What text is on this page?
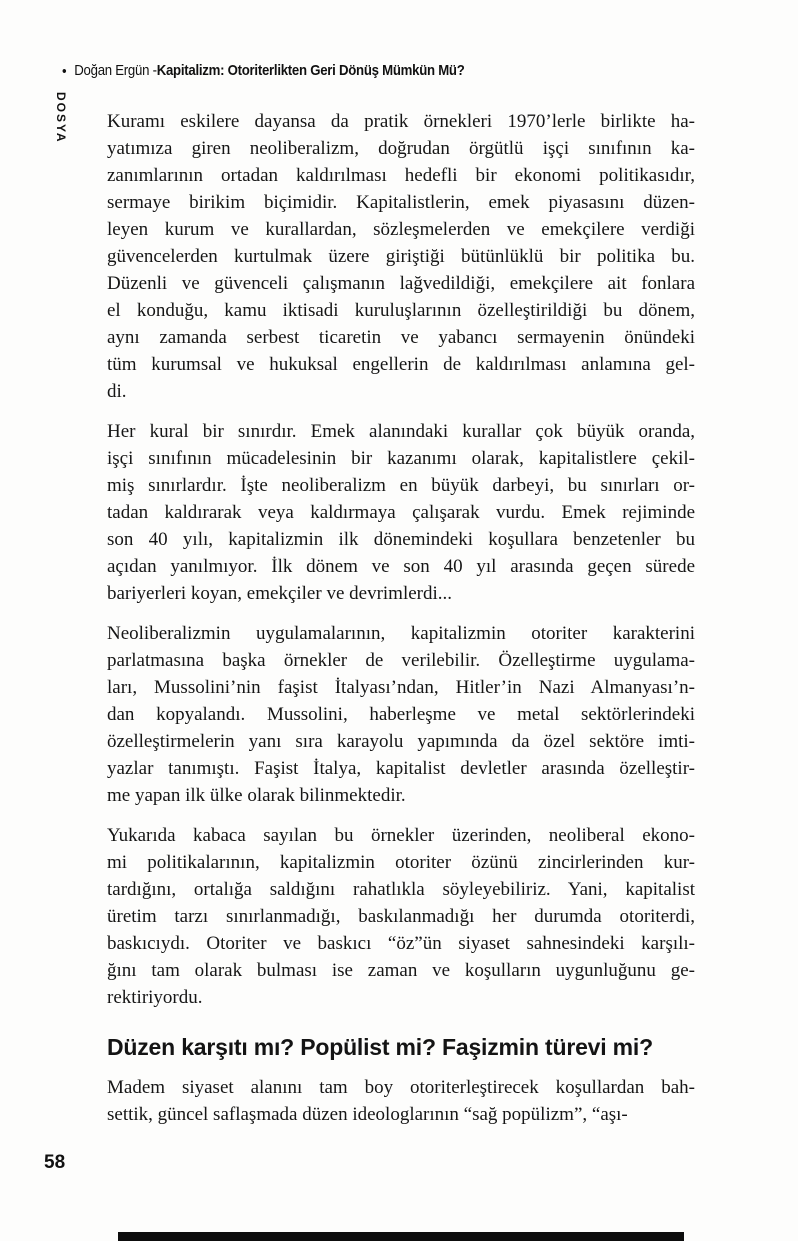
• Doğan Ergün - Kapitalizm: Otoriterlikten Geri Dönüş Mümkün Mü?
DOSYA Kuramı eskilere dayansa da pratik örnekleri 1970’lerle birlikte ha-
yatımıza giren neoliberalizm, doğrudan örgütlü işçi sınıfının ka-
zanımlarının ortadan kaldırılması hedefli bir ekonomi politikasıdır,
sermaye birikim biçimidir. Kapitalistlerin, emek piyasasını düzen-
leyen kurum ve kurallardan, sözleşmelerden ve emekçilere verdiği
güvencelerden kurtulmak üzere giriştiği bütünlüklü bir politika bu.
Düzenli ve güvenceli çalışmanın lağvedildiği, emekçilere ait fonlara
el konduğu, kamu iktisadi kuruluşlarının özelleştirildiği bu dönem,
aynı zamanda serbest ticaretin ve yabancı sermayenin önündeki
tüm kurumsal ve hukuksal engellerin de kaldırılması anlamına gel-
di.

Her kural bir sınırdır. Emek alanındaki kurallar çok büyük oranda,
işçi sınıfının mücadelesinin bir kazanımı olarak, kapitalistlere çekil-
miş sınırlardır. İşte neoliberalizm en büyük darbeyi, bu sınırları or-
tadan kaldırarak veya kaldırmaya çalışarak vurdu. Emek rejiminde
son 40 yılı, kapitalizmin ilk dönemindeki koşullara benzetenler bu
açıdan yanılmıyor. İlk dönem ve son 40 yıl arasında geçen sürede
bariyerleri koyan, emekçiler ve devrimlerdi...

Neoliberalizmin uygulamalarının, kapitalizmin otoriter karakterini
parlatmasına başka örnekler de verilebilir. Özelleştirme uygulama-
ları, Mussolini’nin faşist İtalyası’ndan, Hitler’in Nazi Almanyası’n-
dan kopyalandı. Mussolini, haberleşme ve metal sektörlerindeki
özelleştirmelerin yanı sıra karayolu yapımında da özel sektöre imti-
yazlar tanımıştı. Faşist İtalya, kapitalist devletler arasında özelleştir-
me yapan ilk ülke olarak bilinmektedir.

Yukarıda kabaca sayılan bu örnekler üzerinden, neoliberal ekono-
mi politikalarının, kapitalizmin otoriter özünü zincirlerinden kur-
tardığını, ortalığa saldığını rahatlıkla söyleyebiliriz. Yani, kapitalist
üretim tarzı sınırlanmadığı, baskılanmadığı her durumda otoriterdi,
baskıcıydı. Otoriter ve baskıcı “öz”ün siyaset sahnesindeki karşılı-
ğını tam olarak bulması ise zaman ve koşulların uygunluğunu ge-
rektiriyordu.

Düzen karşıtı mı? Popülist mi? Faşizmin türevi mi?

Madem siyaset alanını tam boy otoriterleştirecek koşullardan bah-
settik, güncel saflaşmada düzen ideologlarının “sağ popülizm”, “aşı-

58
